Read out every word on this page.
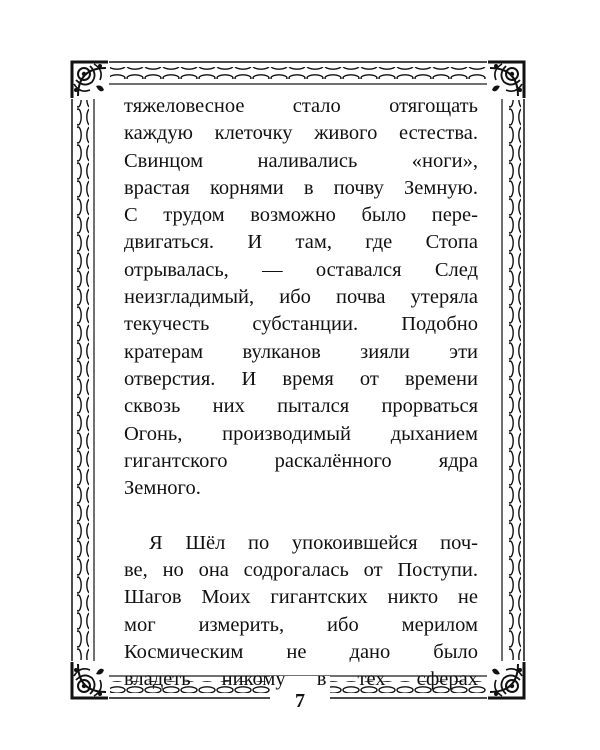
тяжеловесное стало отягощать
каждую клеточку живого естества.
Свинцом наливались «ноги»,
врастая корнями в почву Земную.
С трудом возможно было пере-
двигаться. И там, где Стопа
отрывалась, — оставался След
неизгладимый, ибо почва утеряла
текучесть субстанции. Подобно
кратерам вулканов зияли эти
отверстия. И время от времени
сквозь них пытался прорваться
Огонь, производимый дыханием
гигантского раскалённого ядра
Земного.
Я Шёл по упокоившейся поч-
ве, но она содрогалась от Поступи.
Шагов Моих гигантских никто не
мог измерить, ибо мерилом
Космическим не дано было
владеть никому в тех сферах
7
